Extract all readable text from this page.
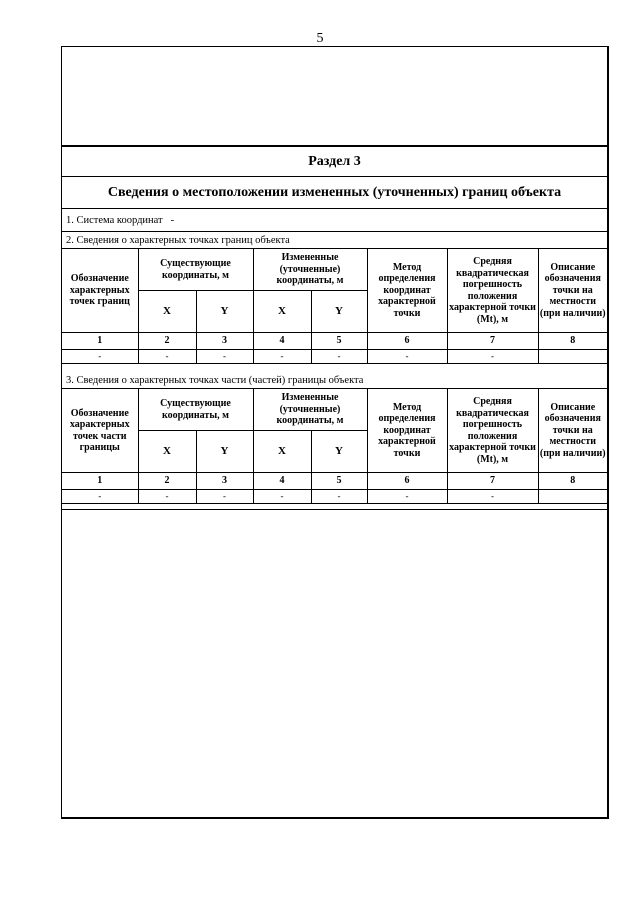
5
Раздел 3
Сведения о местоположении измененных (уточненных) границ объекта
1. Система координат -
2. Сведения о характерных точках границ объекта
Обозначение характерных точек границ	Существующие координаты, м		Измененные (уточненные) координаты, м		Метод определения координат характерной точки	Средняя квадратическая погрешность положения характерной точки (Mt), м	Описание обозначения точки на местности (при наличии)
	X	Y	X	Y			
1	2	3	4	5	6	7	8
-	-	-	-	-	-	-	
3. Сведения о характерных точках части (частей) границы объекта
Обозначение характерных точек части границы	Существующие координаты, м		Измененные (уточненные) координаты, м		Метод определения координат характерной точки	Средняя квадратическая погрешность положения характерной точки (Mt), м	Описание обозначения точки на местности (при наличии)
	X	Y	X	Y			
1	2	3	4	5	6	7	8
-	-	-	-	-	-	-	
